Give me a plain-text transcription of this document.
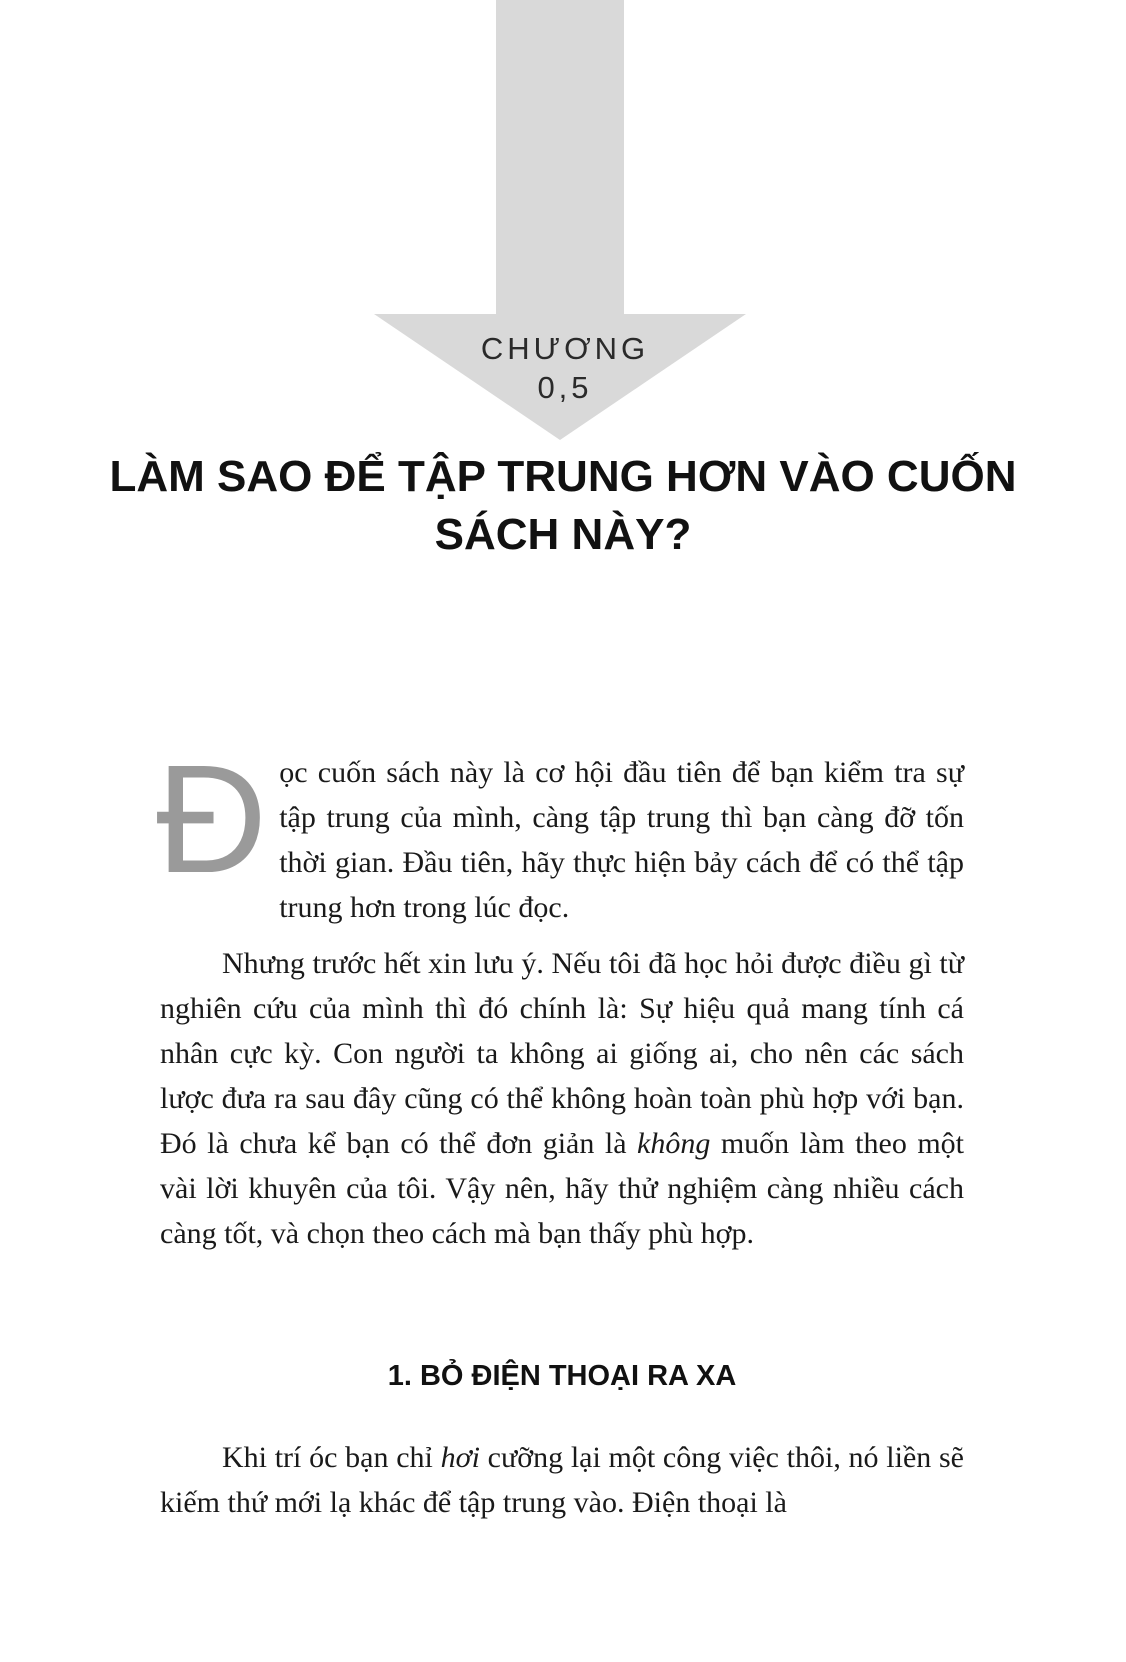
CHƯƠNG
0,5
LÀM SAO ĐỂ TẬP TRUNG HƠN VÀO CUỐN SÁCH NÀY?

Đọc cuốn sách này là cơ hội đầu tiên để bạn kiểm tra sự tập trung của mình, càng tập trung thì bạn càng đỡ tốn thời gian. Đầu tiên, hãy thực hiện bảy cách để có thể tập trung hơn trong lúc đọc.

Nhưng trước hết xin lưu ý. Nếu tôi đã học hỏi được điều gì từ nghiên cứu của mình thì đó chính là: Sự hiệu quả mang tính cá nhân cực kỳ. Con người ta không ai giống ai, cho nên các sách lược đưa ra sau đây cũng có thể không hoàn toàn phù hợp với bạn. Đó là chưa kể bạn có thể đơn giản là không muốn làm theo một vài lời khuyên của tôi. Vậy nên, hãy thử nghiệm càng nhiều cách càng tốt, và chọn theo cách mà bạn thấy phù hợp.

1. BỎ ĐIỆN THOẠI RA XA

Khi trí óc bạn chỉ hơi cưỡng lại một công việc thôi, nó liền sẽ kiếm thứ mới lạ khác để tập trung vào. Điện thoại là
